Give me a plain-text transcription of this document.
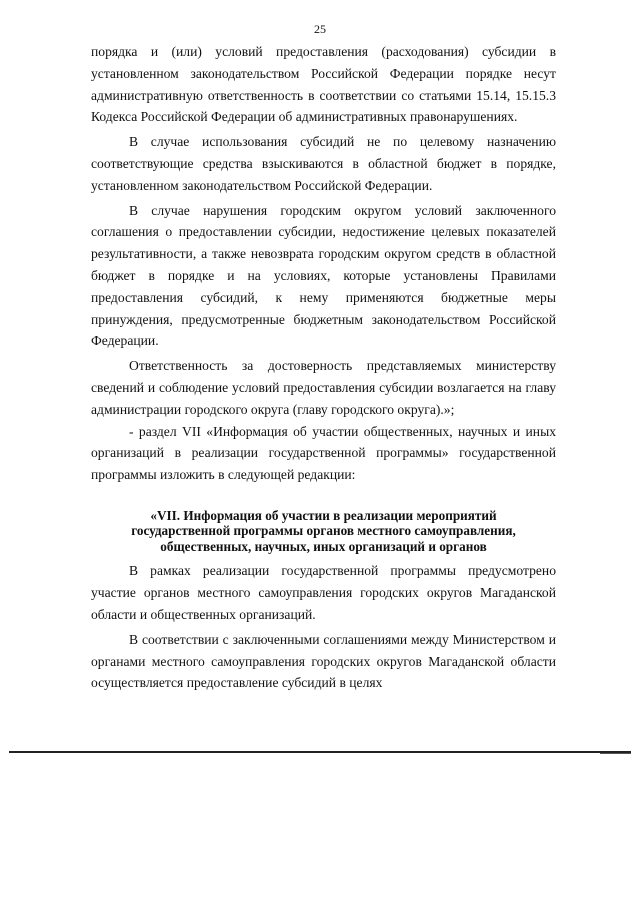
25

порядка и (или) условий предоставления (расходования) субсидии в установленном законодательством Российской Федерации порядке несут административную ответственность в соответствии со статьями 15.14, 15.15.3 Кодекса Российской Федерации об административных правонарушениях.

В случае использования субсидий не по целевому назначению соответствующие средства взыскиваются в областной бюджет в порядке, установленном законодательством Российской Федерации.

В случае нарушения городским округом условий заключенного соглашения о предоставлении субсидии, недостижение целевых показателей результативности, а также невозврата городским округом средств в областной бюджет в порядке и на условиях, которые установлены Правилами предоставления субсидий, к нему применяются бюджетные меры принуждения, предусмотренные бюджетным законодательством Российской Федерации.

Ответственность за достоверность представляемых министерству сведений и соблюдение условий предоставления субсидии возлагается на главу администрации городского округа (главу городского округа).»;

- раздел VII «Информация об участии общественных, научных и иных организаций в реализации государственной программы» государственной программы изложить в следующей редакции:

«VII. Информация об участии в реализации мероприятий
государственной программы органов местного самоуправления,
общественных, научных, иных организаций и органов

В рамках реализации государственной программы предусмотрено участие органов местного самоуправления городских округов Магаданской области и общественных организаций.

В соответствии с заключенными соглашениями между Министерством и органами местного самоуправления городских округов Магаданской области осуществляется предоставление субсидий в целях
